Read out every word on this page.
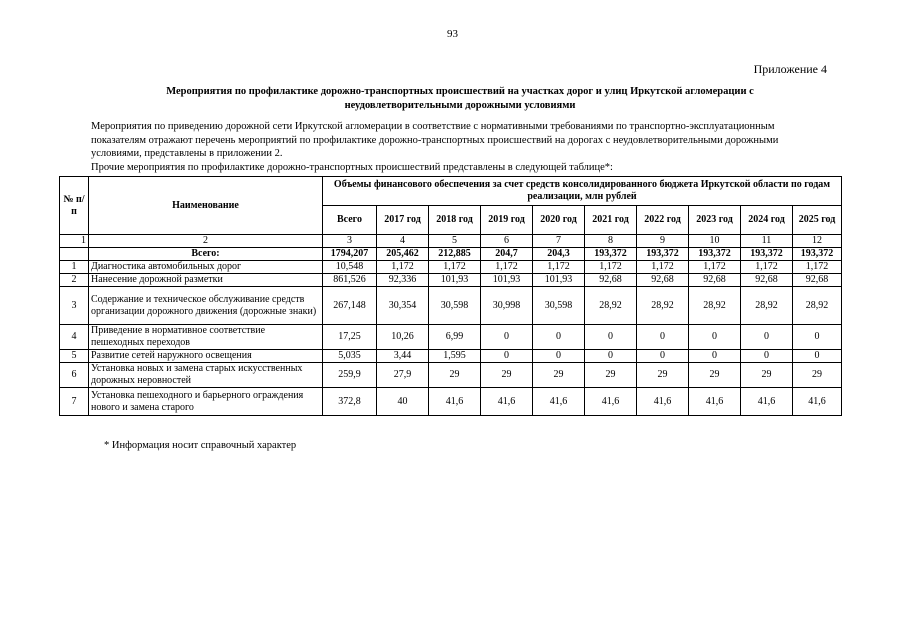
93
Приложение 4
Мероприятия по профилактике дорожно-транспортных происшествий на участках дорог и улиц Иркутской агломерации с неудовлетворительными дорожными условиями

Мероприятия по приведению дорожной сети Иркутской агломерации в соответствие с нормативными требованиями по транспортно-эксплуатационным показателям отражают перечень мероприятий по профилактике дорожно-транспортных происшествий на дорогах с неудовлетворительными дорожными условиями, представлены в приложении 2.

Прочие мероприятия по профилактике дорожно-транспортных происшествий представлены в следующей таблице*:

№ п/п	Наименование	Объемы финансового обеспечения за счет средств консолидированного бюджета Иркутской области по годам реализации, млн рублей									
		Всего	2017 год	2018 год	2019 год	2020 год	2021 год	2022 год	2023 год	2024 год	2025 год
1	2	3	4	5	6	7	8	9	10	11	12
	Всего:	1794,207	205,462	212,885	204,7	204,3	193,372	193,372	193,372	193,372	193,372
1	Диагностика автомобильных дорог	10,548	1,172	1,172	1,172	1,172	1,172	1,172	1,172	1,172	1,172
2	Нанесение дорожной разметки	861,526	92,336	101,93	101,93	101,93	92,68	92,68	92,68	92,68	92,68
3	Содержание и техническое обслуживание средств организации дорожного движения (дорожные знаки)	267,148	30,354	30,598	30,998	30,598	28,92	28,92	28,92	28,92	28,92
4	Приведение в нормативное соответствие пешеходных переходов	17,25	10,26	6,99	0	0	0	0	0	0	0
5	Развитие сетей наружного освещения	5,035	3,44	1,595	0	0	0	0	0	0	0
6	Установка новых и замена старых искусственных дорожных неровностей	259,9	27,9	29	29	29	29	29	29	29	29
7	Установка пешеходного и барьерного ограждения нового и замена старого	372,8	40	41,6	41,6	41,6	41,6	41,6	41,6	41,6	41,6
* Информация носит справочный характер
